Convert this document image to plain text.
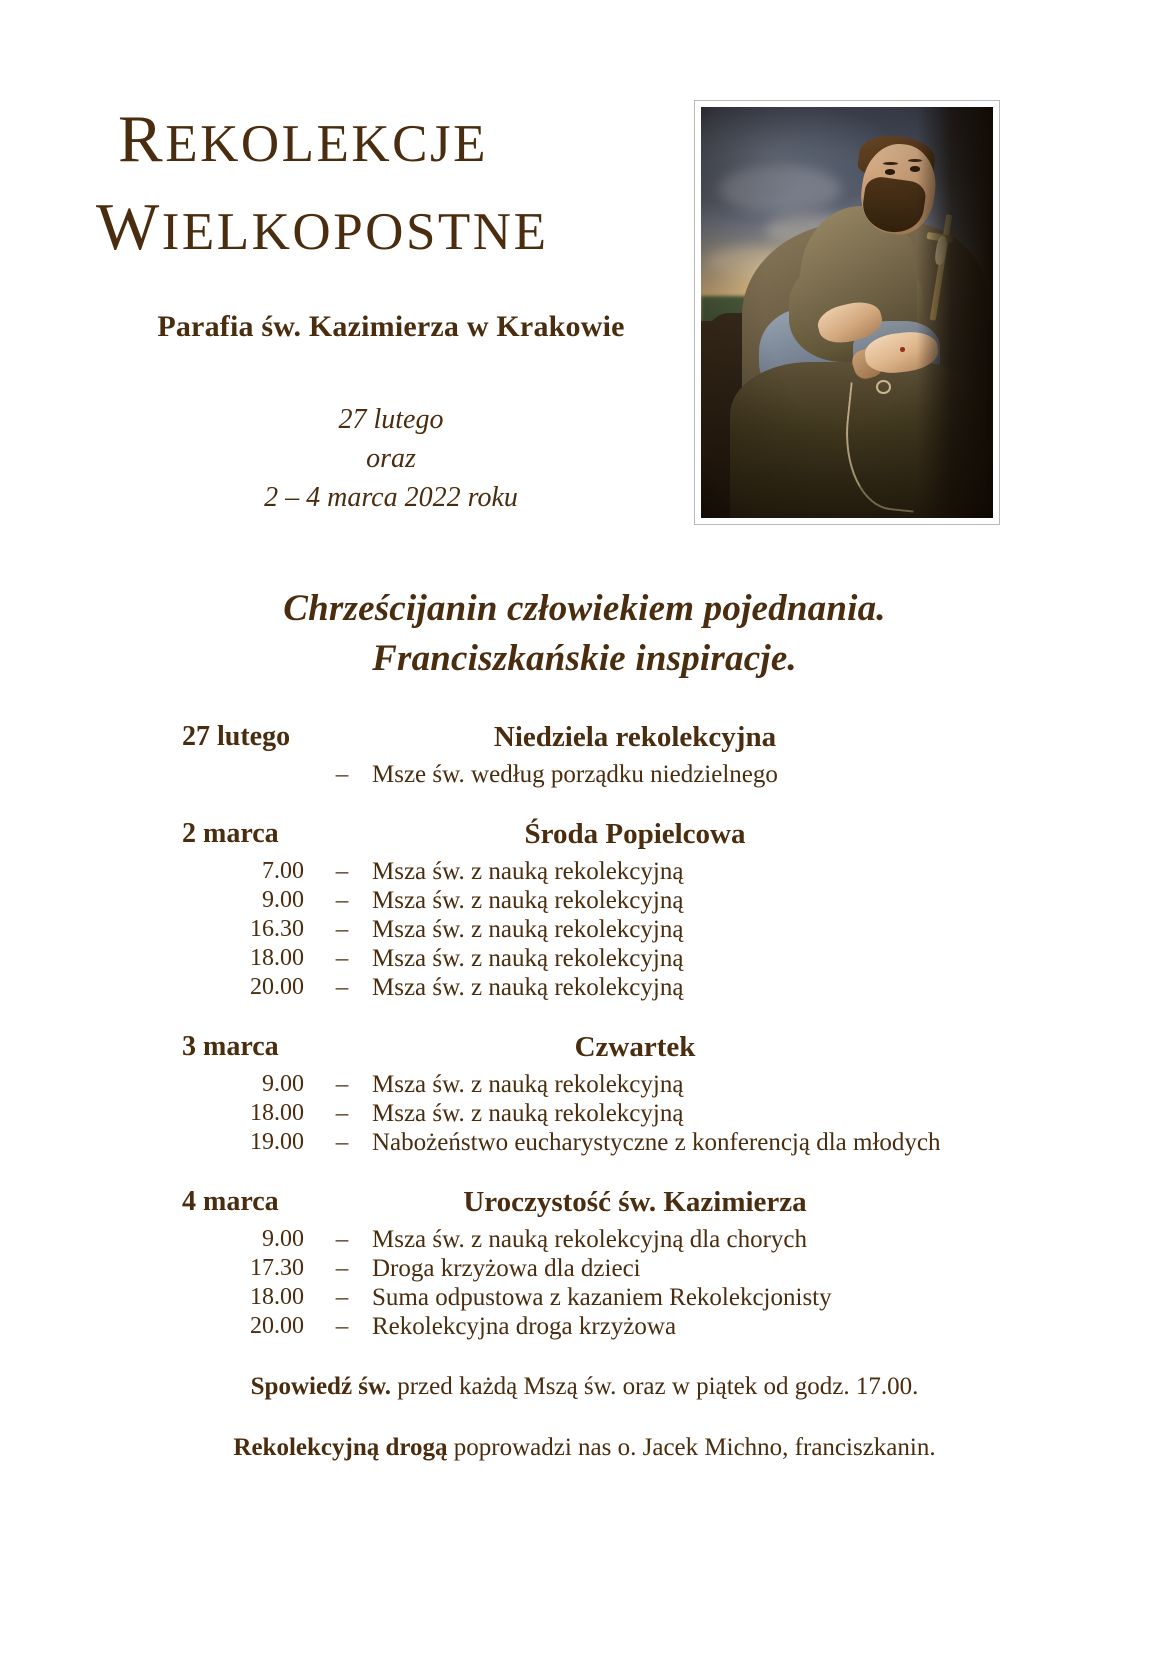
REKOLEKCJE
WIELKOPOSTNE
Parafia św. Kazimierza w Krakowie
27 lutego
oraz
2 – 4 marca 2022 roku
Chrześcijanin człowiekiem pojednania.
Franciszkańskie inspiracje.
27 lutego	Niedziela rekolekcyjna
– Msze św. według porządku niedzielnego
2 marca	Środa Popielcowa
7.00 – Msza św. z nauką rekolekcyjną
9.00 – Msza św. z nauką rekolekcyjną
16.30 – Msza św. z nauką rekolekcyjną
18.00 – Msza św. z nauką rekolekcyjną
20.00 – Msza św. z nauką rekolekcyjną
3 marca	Czwartek
9.00 – Msza św. z nauką rekolekcyjną
18.00 – Msza św. z nauką rekolekcyjną
19.00 – Nabożeństwo eucharystyczne z konferencją dla młodych
4 marca	Uroczystość św. Kazimierza
9.00 – Msza św. z nauką rekolekcyjną dla chorych
17.30 – Droga krzyżowa dla dzieci
18.00 – Suma odpustowa z kazaniem Rekolekcjonisty
20.00 – Rekolekcyjna droga krzyżowa
Spowiedź św. przed każdą Mszą św. oraz w piątek od godz. 17.00.
Rekolekcyjną drogą poprowadzi nas o. Jacek Michno, franciszkanin.
